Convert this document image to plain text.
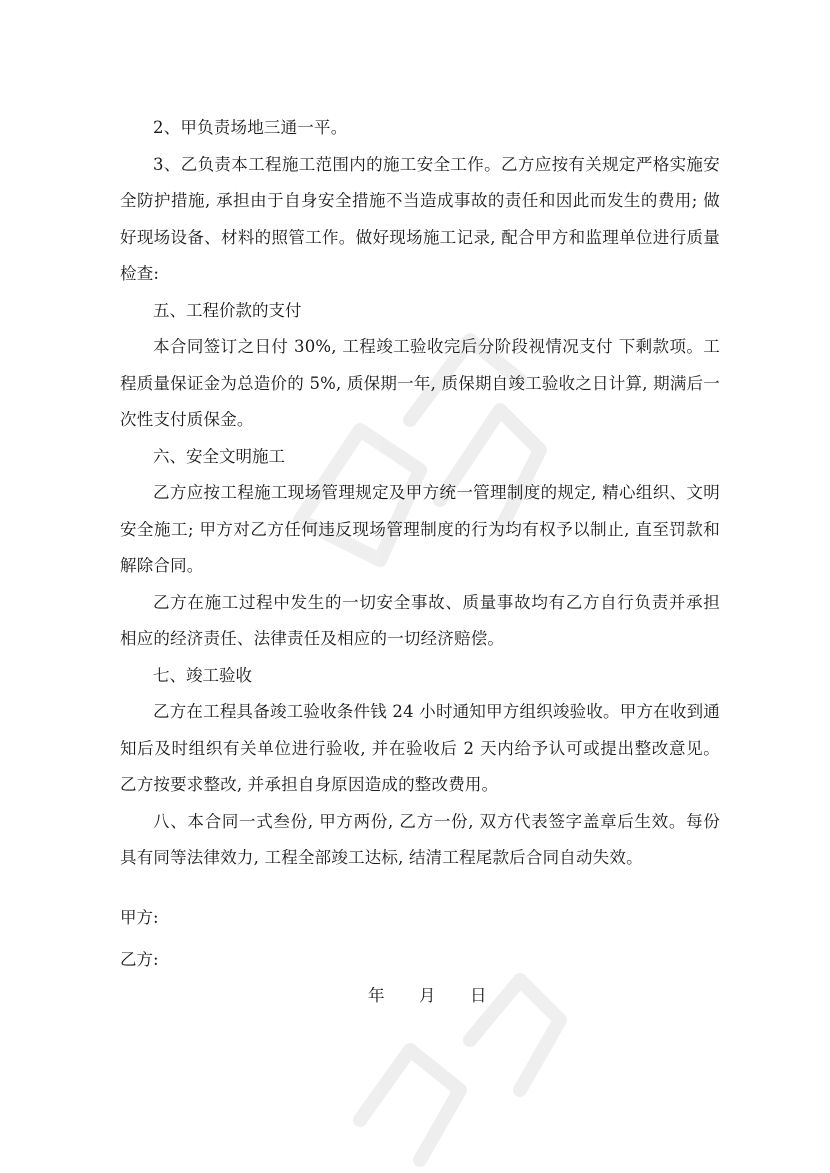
2、甲负责场地三通一平。

3、乙负责本工程施工范围内的施工安全工作。乙方应按有关规定严格实施安全防护措施, 承担由于自身安全措施不当造成事故的责任和因此而发生的费用; 做好现场设备、材料的照管工作。做好现场施工记录, 配合甲方和监理单位进行质量检查:

五、工程价款的支付

本合同签订之日付 30%, 工程竣工验收完后分阶段视情况支付 下剩款项。工程质量保证金为总造价的 5%, 质保期一年, 质保期自竣工验收之日计算, 期满后一次性支付质保金。

六、安全文明施工

乙方应按工程施工现场管理规定及甲方统一管理制度的规定, 精心组织、文明安全施工; 甲方对乙方任何违反现场管理制度的行为均有权予以制止, 直至罚款和解除合同。

乙方在施工过程中发生的一切安全事故、质量事故均有乙方自行负责并承担相应的经济责任、法律责任及相应的一切经济赔偿。

七、竣工验收

乙方在工程具备竣工验收条件钱 24 小时通知甲方组织竣验收。甲方在收到通知后及时组织有关单位进行验收, 并在验收后 2 天内给予认可或提出整改意见。乙方按要求整改, 并承担自身原因造成的整改费用。

八、本合同一式叁份, 甲方两份, 乙方一份, 双方代表签字盖章后生效。每份具有同等法律效力, 工程全部竣工达标, 结清工程尾款后合同自动失效。

甲方:

乙方:

年 月 日
